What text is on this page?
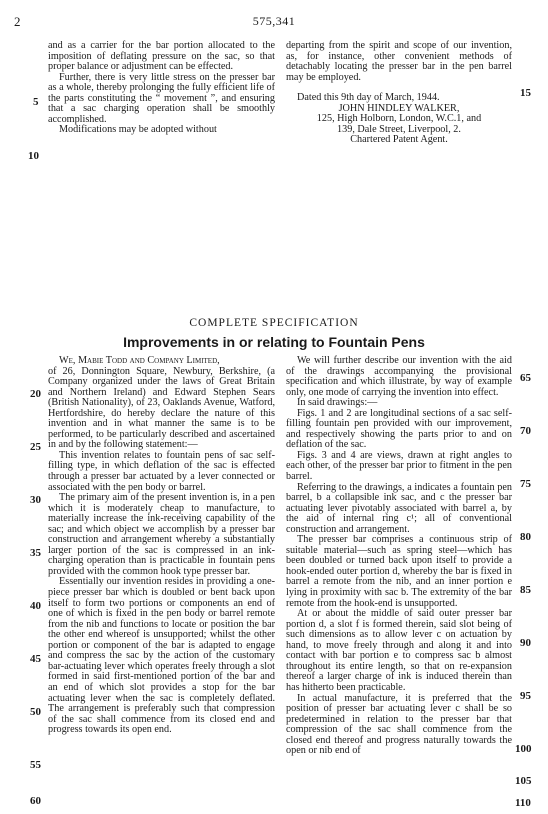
2	575,341

and as a carrier for the bar portion allocated to the imposition of deflating pressure on the sac, so that proper balance or adjustment can be effected.

Further, there is very little stress on the presser bar as a whole, thereby prolonging the fully efficient life of the parts constituting the “ movement ”, and ensuring that a sac charging operation shall be smoothly accomplished.

Modifications may be adopted without

departing from the spirit and scope of our invention, as, for instance, other convenient methods of detachably locating the presser bar in the pen barrel may be employed.

Dated this 9th day of March, 1944.

JOHN HINDLEY WALKER,

125, High Holborn, London, W.C.1, and

139, Dale Street, Liverpool, 2.

Chartered Patent Agent.

COMPLETE SPECIFICATION
Improvements in or relating to Fountain Pens

We, Mabie Todd and Company Limited,

of 26, Donnington Square, Newbury, Berkshire, (a Company organized under the laws of Great Britain and Northern Ireland) and Edward Stephen Sears (British Nationality), of 23, Oaklands Avenue, Watford, Hertfordshire, do hereby declare the nature of this invention and in what manner the same is to be performed, to be particularly described and ascertained in and by the following statement:—

This invention relates to fountain pens of sac self-filling type, in which deflation of the sac is effected through a presser bar actuated by a lever connected or associated with the pen body or barrel.

The primary aim of the present invention is, in a pen which it is moderately cheap to manufacture, to materially increase the ink-receiving capability of the sac; and which object we accomplish by a presser bar construction and arrangement whereby a substantially larger portion of the sac is compressed in an ink-charging operation than is practicable in fountain pens provided with the common hook type presser bar.

Essentially our invention resides in providing a one-piece presser bar which is doubled or bent back upon itself to form two portions or components an end of one of which is fixed in the pen body or barrel remote from the nib and functions to locate or position the bar the other end whereof is unsupported; whilst the other portion or component of the bar is adapted to engage and compress the sac by the action of the customary bar-actuating lever which operates freely through a slot formed in said first-mentioned portion of the bar and an end of which slot provides a stop for the bar actuating lever when the sac is completely deflated. The arrangement is preferably such that compression of the sac shall commence from its closed end and progress towards its open end.

We will further describe our invention with the aid of the drawings accompanying the provisional specification and which illustrate, by way of example only, one mode of carrying the invention into effect.

In said drawings:—

Figs. 1 and 2 are longitudinal sections of a sac self-filling fountain pen provided with our improvement, and respectively showing the parts prior to and on deflation of the sac.

Figs. 3 and 4 are views, drawn at right angles to each other, of the presser bar prior to fitment in the pen barrel.

Referring to the drawings, a indicates a fountain pen barrel, b a collapsible ink sac, and c the presser bar actuating lever pivotably associated with barrel a, by the aid of internal ring c¹; all of conventional construction and arrangement.

The presser bar comprises a continuous strip of suitable material—such as spring steel—which has been doubled or turned back upon itself to provide a hook-ended outer portion d, whereby the bar is fixed in barrel a remote from the nib, and an inner portion e lying in proximity with sac b. The extremity of the bar remote from the hook-end is unsupported.

At or about the middle of said outer presser bar portion d, a slot f is formed therein, said slot being of such dimensions as to allow lever c on actuation by hand, to move freely through and along it and into contact with bar portion e to compress sac b almost throughout its entire length, so that on re-expansion thereof a larger charge of ink is induced therein than has hitherto been practicable.

In actual manufacture, it is preferred that the position of presser bar actuating lever c shall be so predetermined in relation to the presser bar that compression of the sac shall commence from the closed end thereof and progress naturally towards the open or nib end of

5
10
15
20
25
30
35
40
45
50
55
60
65
70
75
80
85
90
95
100
105
110
